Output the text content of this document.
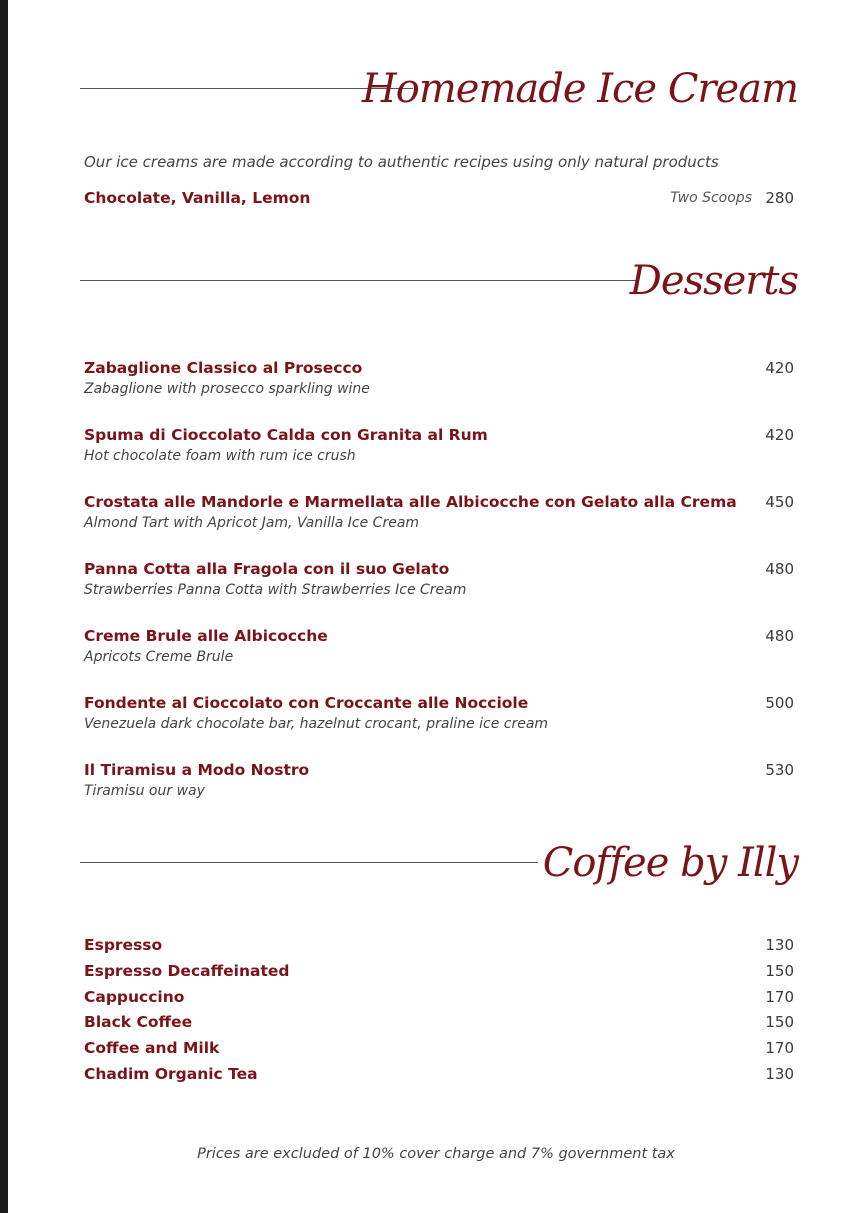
Homemade Ice Cream
Our ice creams are made according to authentic recipes using only natural products
Chocolate, Vanilla, Lemon	Two Scoops 280
Desserts
Zabaglione Classico al Prosecco	420
Zabaglione with prosecco sparkling wine
Spuma di Cioccolato Calda con Granita al Rum	420
Hot chocolate foam with rum ice crush
Crostata alle Mandorle e Marmellata alle Albicocche con Gelato alla Crema 450
Almond Tart with Apricot Jam, Vanilla Ice Cream
Panna Cotta alla Fragola con il suo Gelato	480
Strawberries Panna Cotta with Strawberries Ice Cream
Creme Brule alle Albicocche	480
Apricots Creme Brule
Fondente al Cioccolato con Croccante alle Nocciole	500
Venezuela dark chocolate bar, hazelnut crocant, praline ice cream
Il Tiramisu a Modo Nostro	530
Tiramisu our way
Coffee by Illy
Espresso	130
Espresso Decaffeinated	150
Cappuccino	170
Black Coffee	150
Coffee and Milk	170
Chadim Organic Tea	130
Prices are excluded of 10% cover charge and 7% government tax
